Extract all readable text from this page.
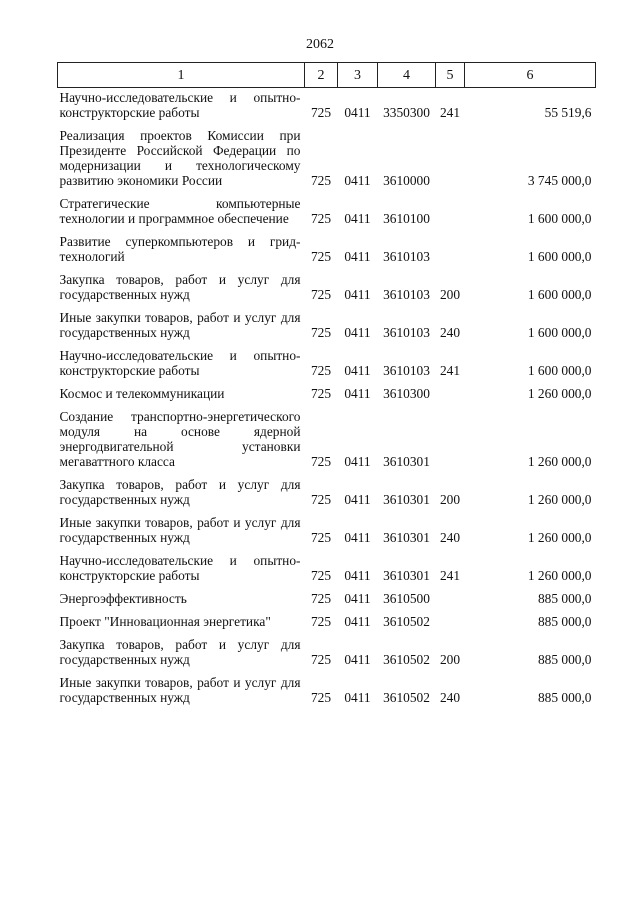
2062
1	2	3	4	5	6
Научно-исследовательские и опытно-конструкторские работы	725	0411	3350300	241	55 519,6
Реализация проектов Комиссии при Президенте Российской Федерации по модернизации и технологическому развитию экономики России	725	0411	3610000		3 745 000,0
Стратегические компьютерные технологии и программное обеспечение	725	0411	3610100		1 600 000,0
Развитие суперкомпьютеров и грид-технологий	725	0411	3610103		1 600 000,0
Закупка товаров, работ и услуг для государственных нужд	725	0411	3610103	200	1 600 000,0
Иные закупки товаров, работ и услуг для государственных нужд	725	0411	3610103	240	1 600 000,0
Научно-исследовательские и опытно-конструкторские работы	725	0411	3610103	241	1 600 000,0
Космос и телекоммуникации	725	0411	3610300		1 260 000,0
Создание транспортно-энергетического модуля на основе ядерной энергодвигательной установки мегаваттного класса	725	0411	3610301		1 260 000,0
Закупка товаров, работ и услуг для государственных нужд	725	0411	3610301	200	1 260 000,0
Иные закупки товаров, работ и услуг для государственных нужд	725	0411	3610301	240	1 260 000,0
Научно-исследовательские и опытно-конструкторские работы	725	0411	3610301	241	1 260 000,0
Энергоэффективность	725	0411	3610500		885 000,0
Проект "Инновационная энергетика"	725	0411	3610502		885 000,0
Закупка товаров, работ и услуг для государственных нужд	725	0411	3610502	200	885 000,0
Иные закупки товаров, работ и услуг для государственных нужд	725	0411	3610502	240	885 000,0
